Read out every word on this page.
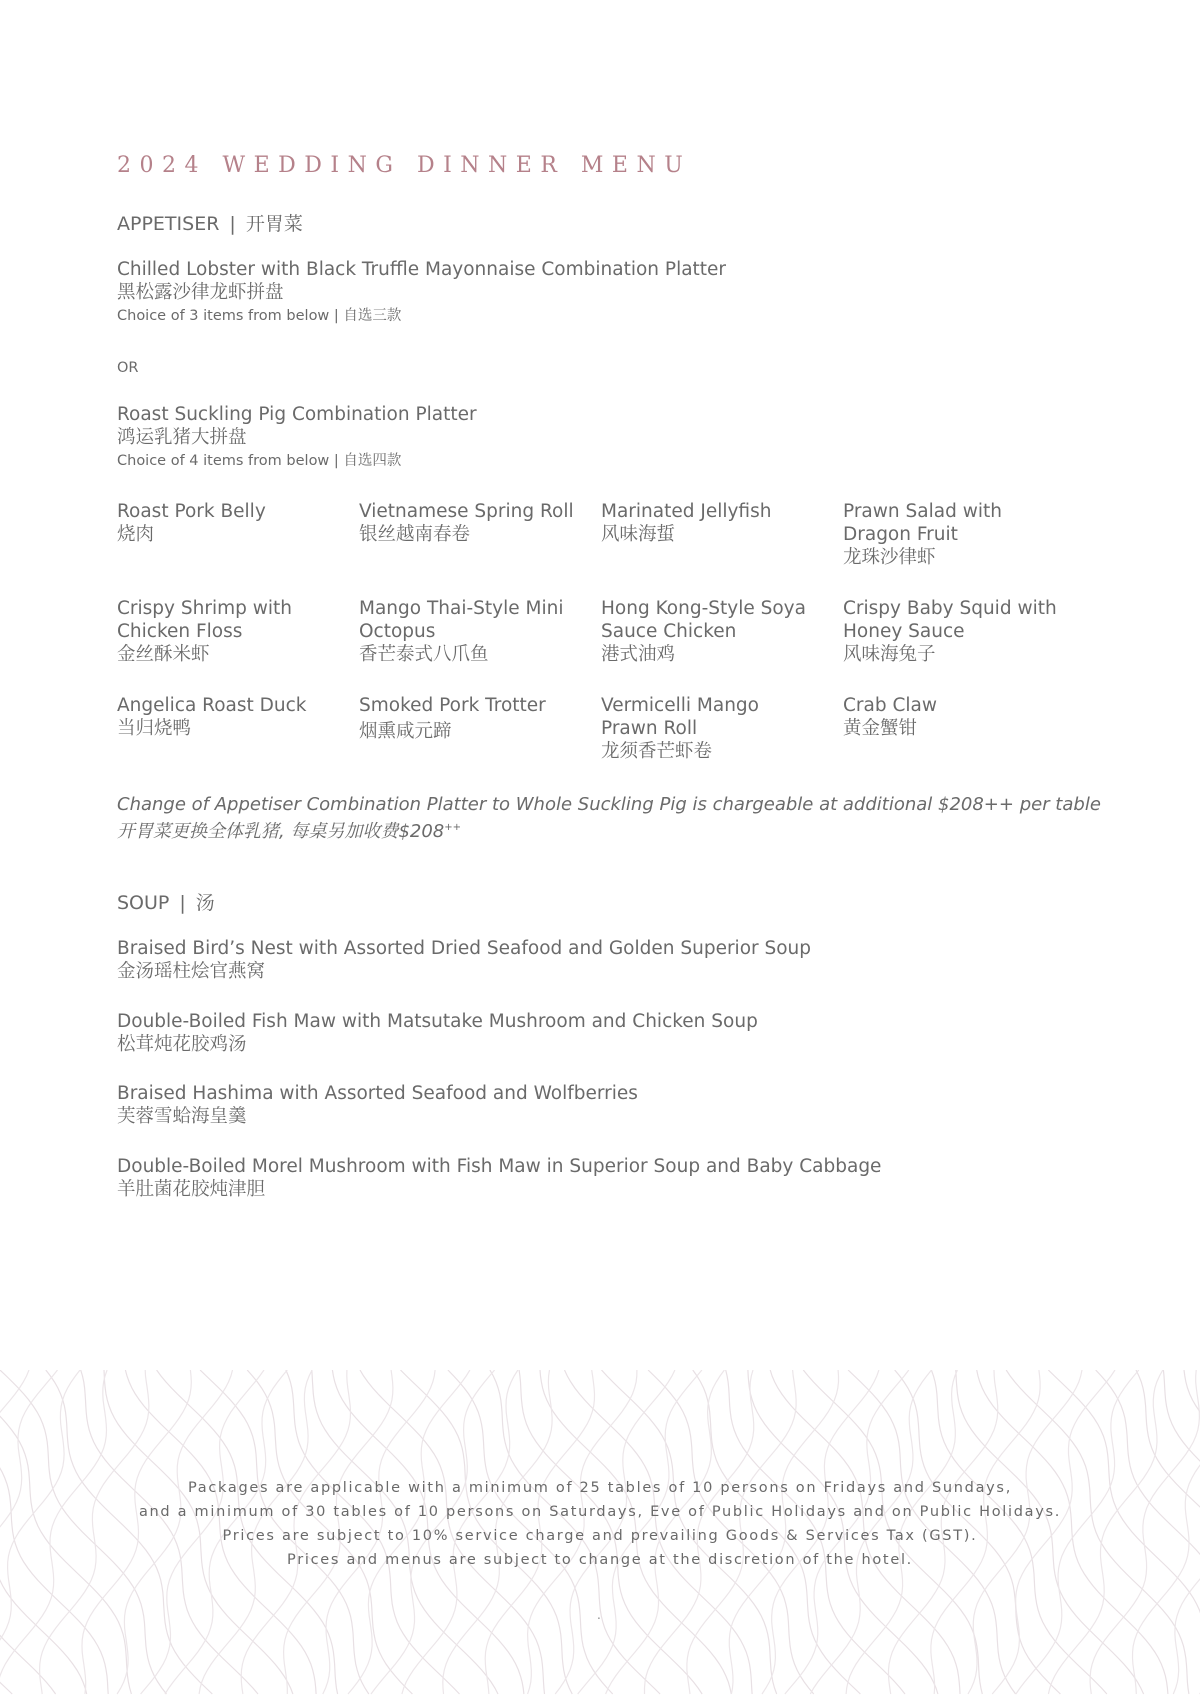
2024 WEDDING DINNER MENU
APPETISER | 开胃菜
Chilled Lobster with Black Truffle Mayonnaise Combination Platter
黑松露沙律龙虾拼盘
Choice of 3 items from below | 自选三款
OR
Roast Suckling Pig Combination Platter
鸿运乳猪大拼盘
Choice of 4 items from below | 自选四款
Roast Pork Belly
烧肉
Vietnamese Spring Roll
银丝越南春卷
Marinated Jellyfish
风味海蜇
Prawn Salad with Dragon Fruit
龙珠沙律虾
Crispy Shrimp with Chicken Floss
金丝酥米虾
Mango Thai-Style Mini Octopus
香芒泰式八爪鱼
Hong Kong-Style Soya Sauce Chicken
港式油鸡
Crispy Baby Squid with Honey Sauce
风味海兔子
Angelica Roast Duck
当归烧鸭
Smoked Pork Trotter
烟熏咸元蹄
Vermicelli Mango Prawn Roll
龙须香芒虾卷
Crab Claw
黄金蟹钳
Change of Appetiser Combination Platter to Whole Suckling Pig is chargeable at additional $208++ per table
开胃菜更换全体乳猪, 每桌另加收费$208++
SOUP | 汤
Braised Bird’s Nest with Assorted Dried Seafood and Golden Superior Soup
金汤瑶柱烩官燕窝
Double-Boiled Fish Maw with Matsutake Mushroom and Chicken Soup
松茸炖花胶鸡汤
Braised Hashima with Assorted Seafood and Wolfberries
芙蓉雪蛤海皇羹
Double-Boiled Morel Mushroom with Fish Maw in Superior Soup and Baby Cabbage
羊肚菌花胶炖津胆
Packages are applicable with a minimum of 25 tables of 10 persons on Fridays and Sundays,
and a minimum of 30 tables of 10 persons on Saturdays, Eve of Public Holidays and on Public Holidays.
Prices are subject to 10% service charge and prevailing Goods & Services Tax (GST).
Prices and menus are subject to change at the discretion of the hotel.
.
